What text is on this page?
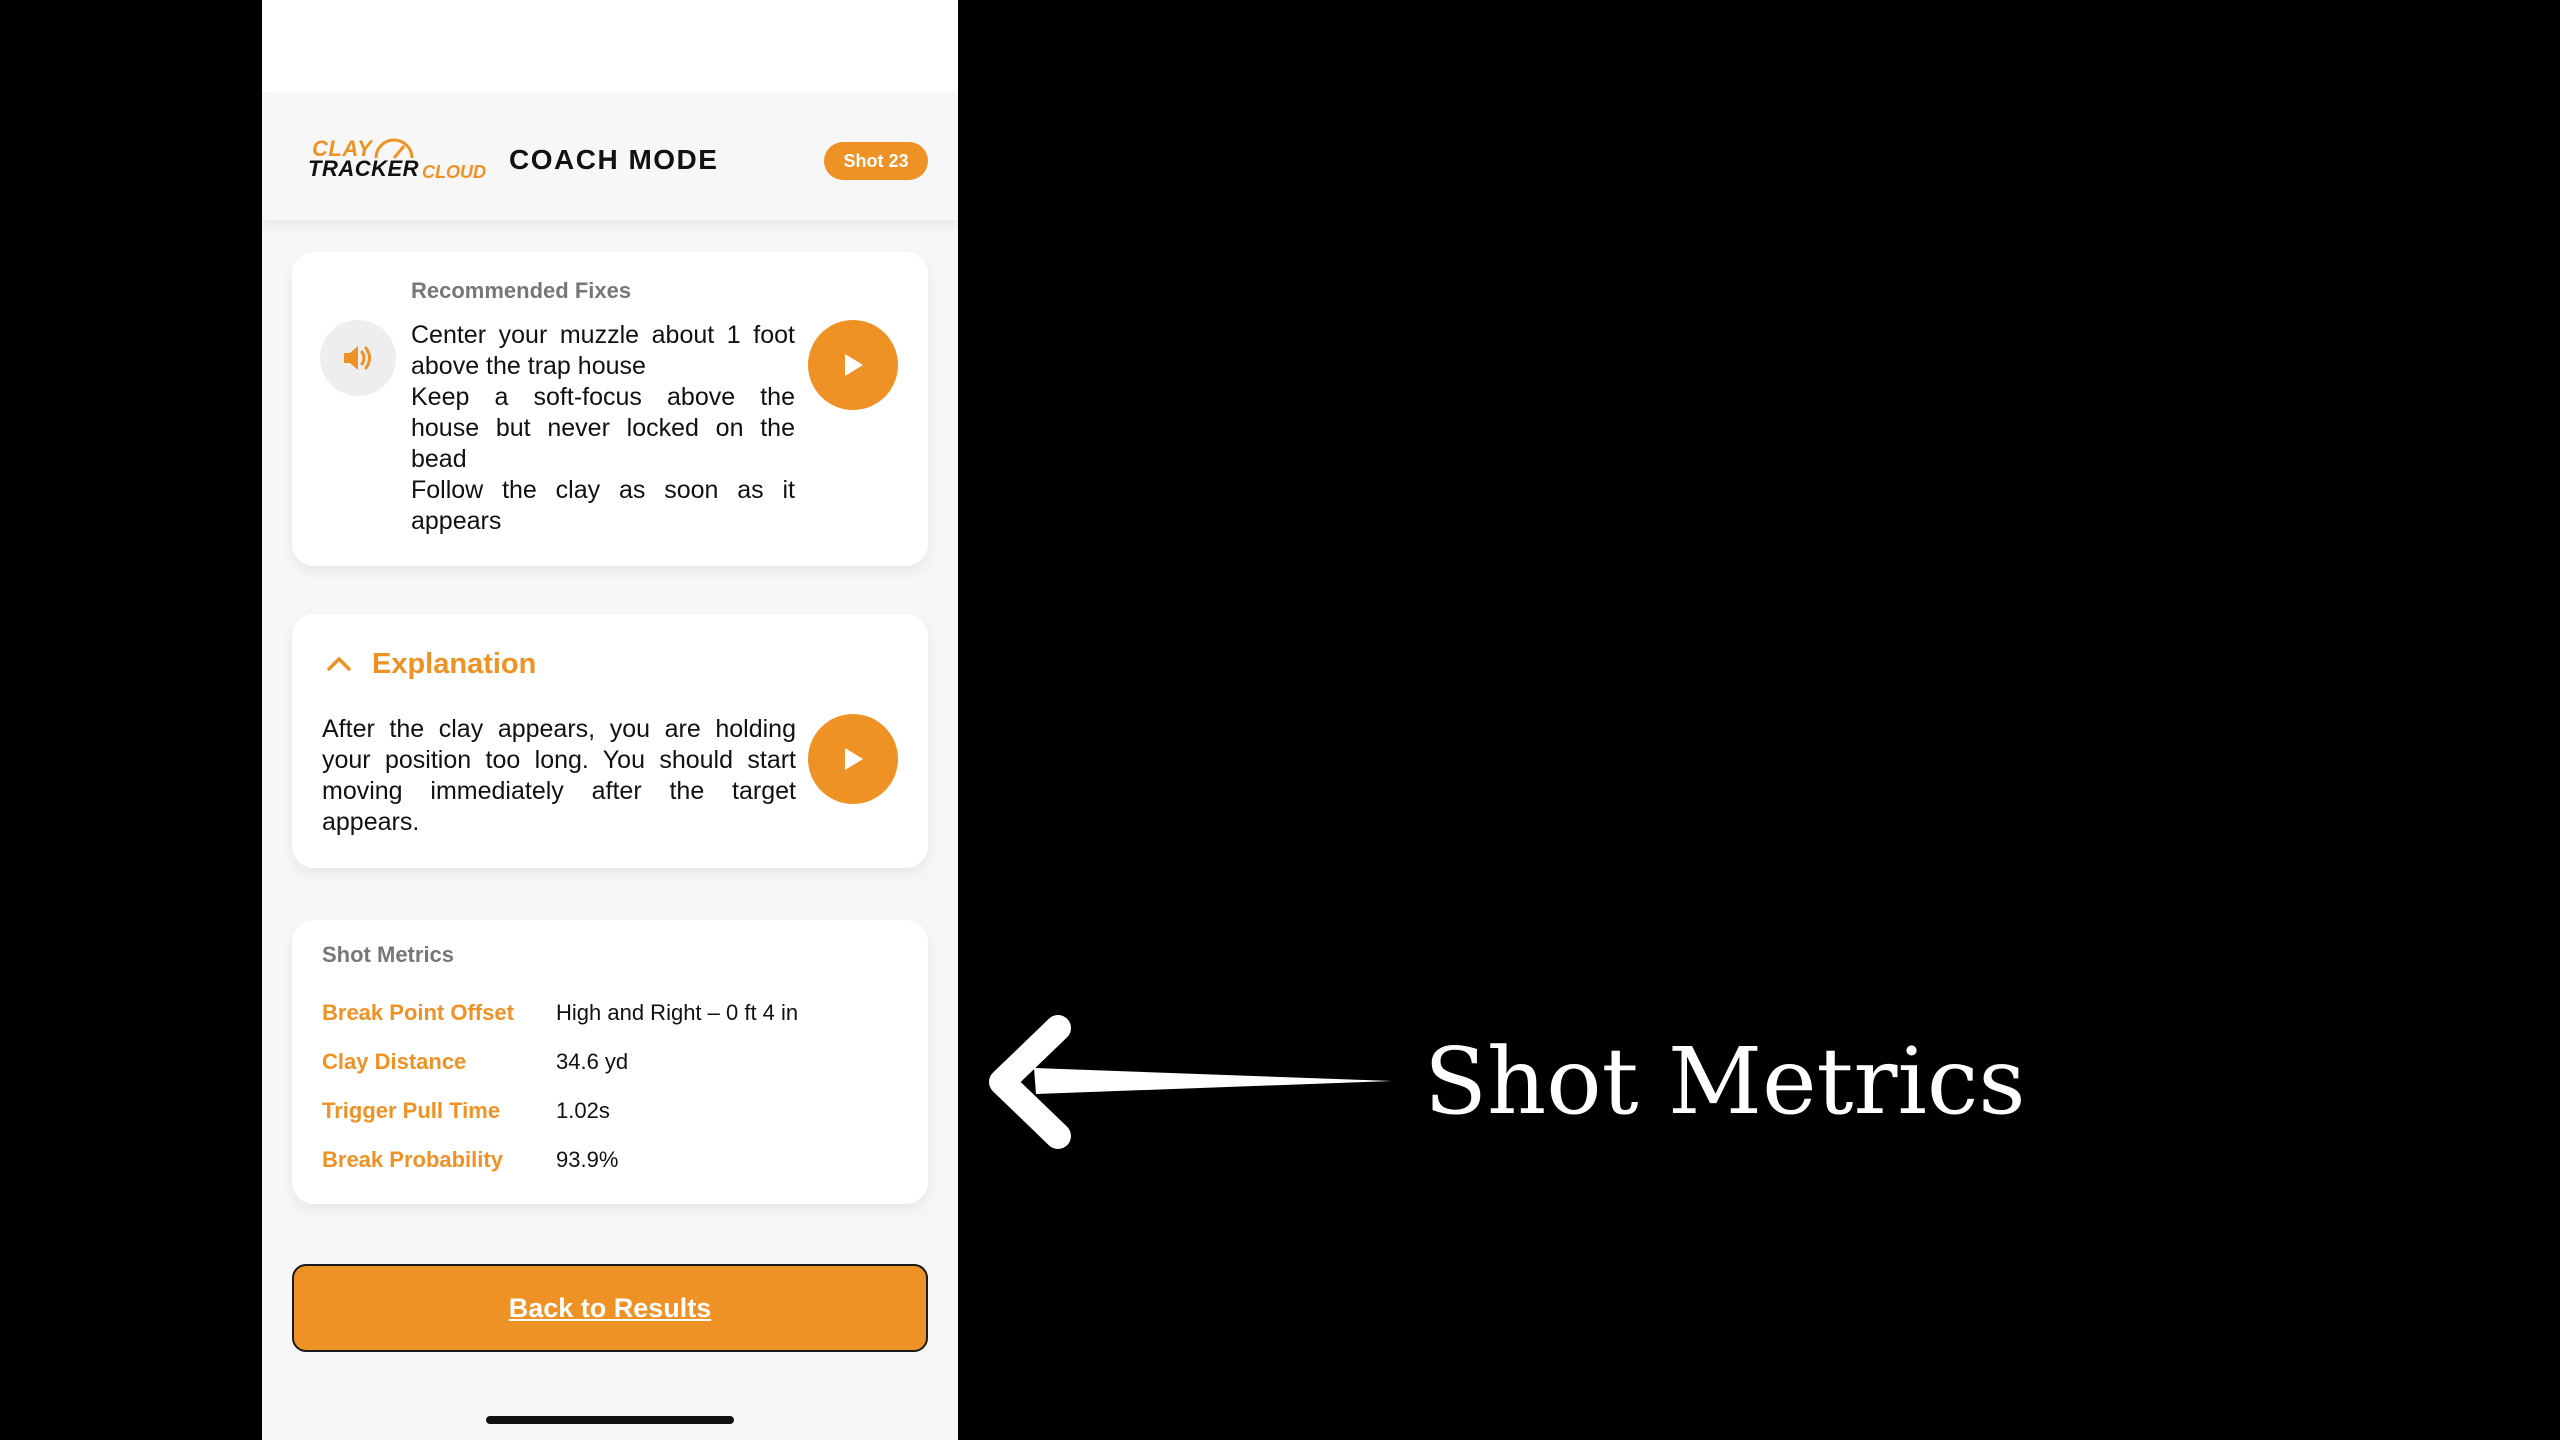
CLAY
TRACKER CLOUD COACH MODE	Shot 23
Recommended Fixes
Center your muzzle about 1 foot above the trap house
Keep a soft-focus above the house but never locked on the bead
Follow the clay as soon as it appears
Explanation
After the clay appears, you are holding your position too long. You should start moving immediately after the target appears.
Shot Metrics
Break Point Offset	High and Right – 0 ft 4 in
Clay Distance	34.6 yd
Trigger Pull Time	1.02s
Break Probability	93.9%
Back to Results
Shot Metrics
